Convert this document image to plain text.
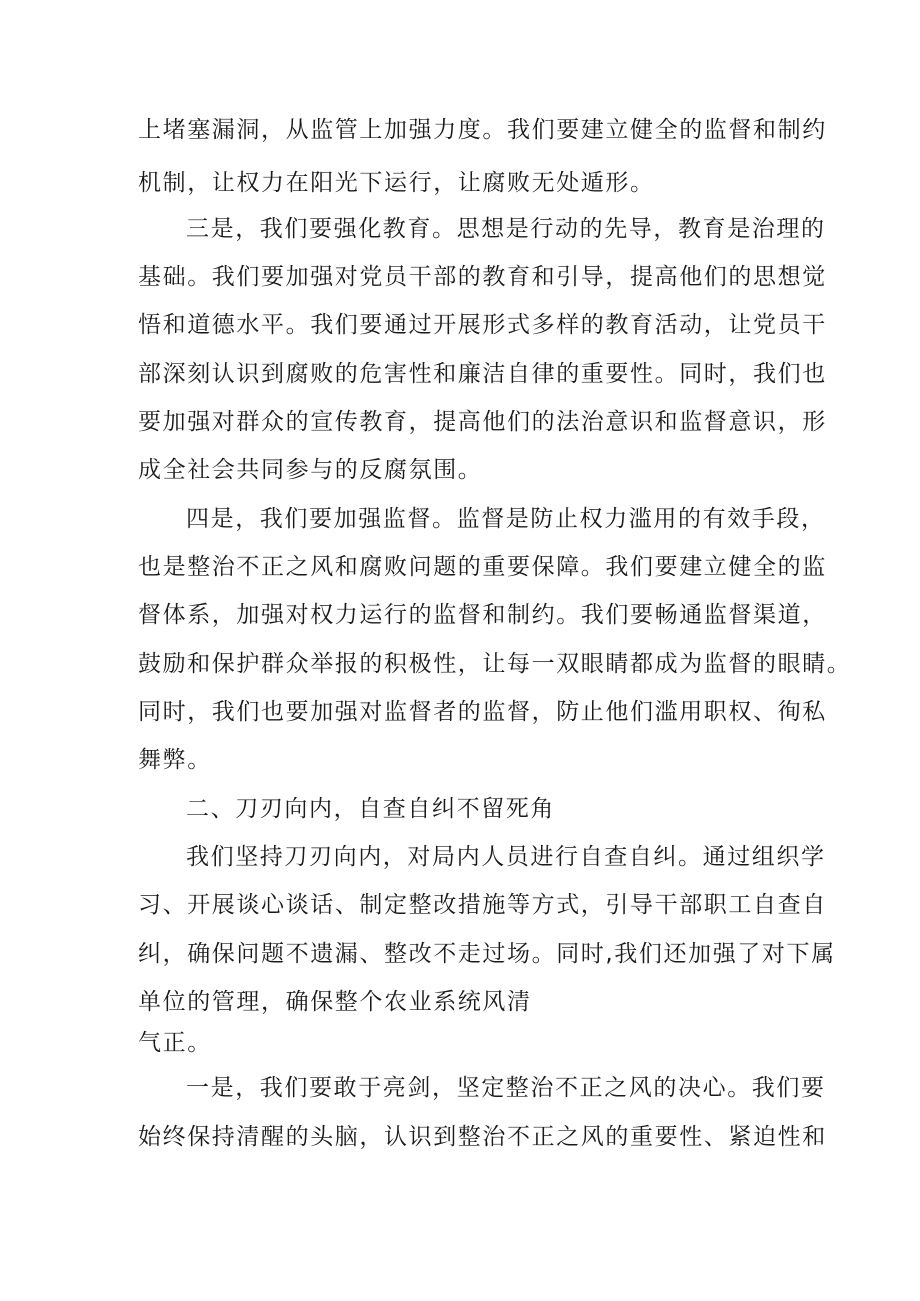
上堵塞漏洞，从监管上加强力度。我们要建立健全的监督和制约
机制，让权力在阳光下运行，让腐败无处遁形。
三是，我们要强化教育。思想是行动的先导，教育是治理的
基础。我们要加强对党员干部的教育和引导，提高他们的思想觉
悟和道德水平。我们要通过开展形式多样的教育活动，让党员干
部深刻认识到腐败的危害性和廉洁自律的重要性。同时，我们也
要加强对群众的宣传教育，提高他们的法治意识和监督意识，形
成全社会共同参与的反腐氛围。
四是，我们要加强监督。监督是防止权力滥用的有效手段，
也是整治不正之风和腐败问题的重要保障。我们要建立健全的监
督体系，加强对权力运行的监督和制约。我们要畅通监督渠道，
鼓励和保护群众举报的积极性，让每一双眼睛都成为监督的眼睛。
同时，我们也要加强对监督者的监督，防止他们滥用职权、徇私
舞弊。
二、刀刃向内，自查自纠不留死角
我们坚持刀刃向内，对局内人员进行自查自纠。通过组织学
习、开展谈心谈话、制定整改措施等方式，引导干部职工自查自
纠，确保问题不遗漏、整改不走过场。同时,我们还加强了对下属
单位的管理，确保整个农业系统风清
气正。
一是，我们要敢于亮剑，坚定整治不正之风的决心。我们要
始终保持清醒的头脑，认识到整治不正之风的重要性、紧迫性和
